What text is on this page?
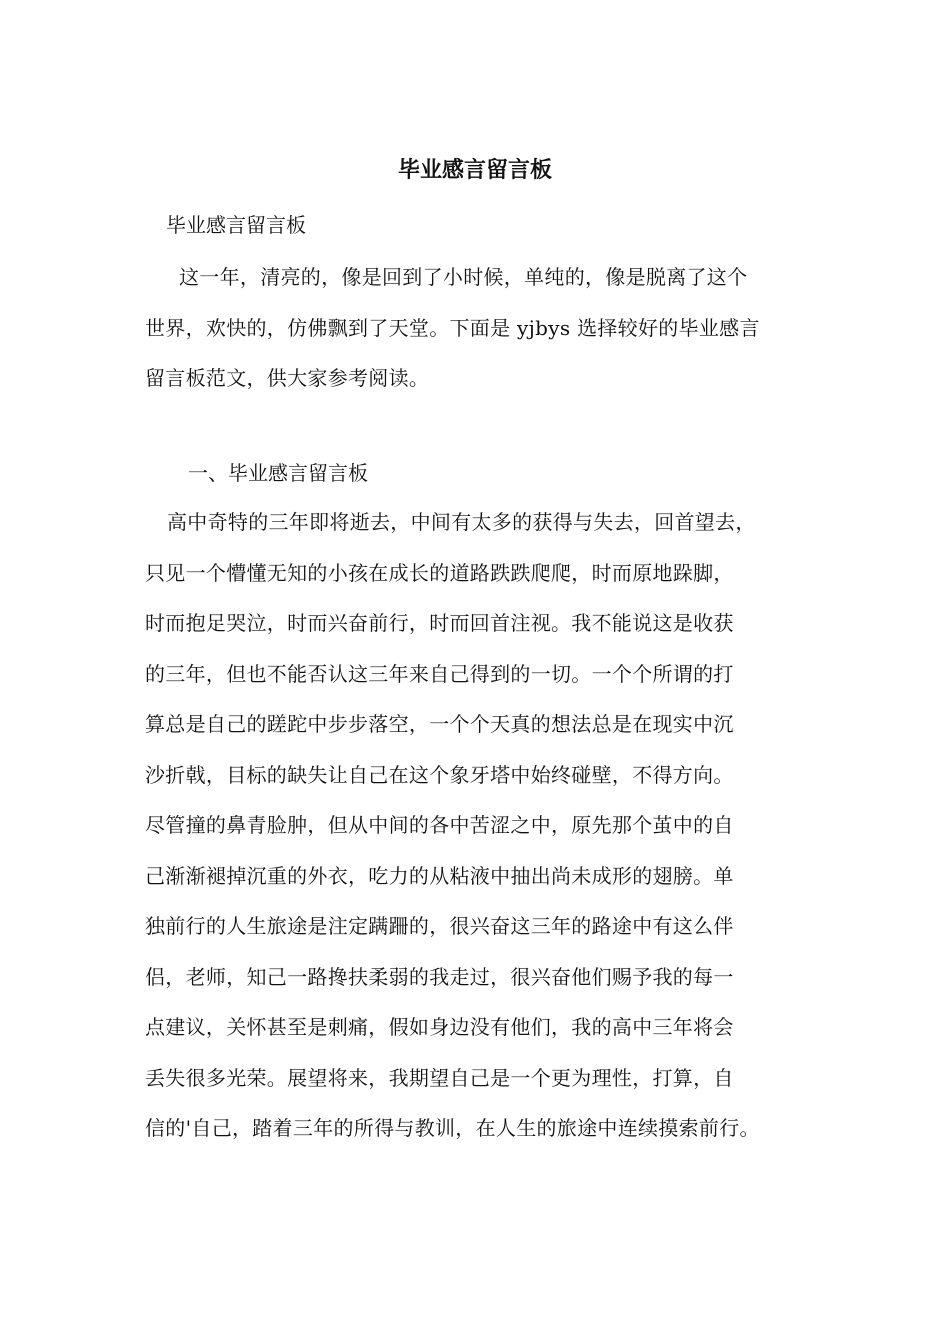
毕业感言留言板

毕业感言留言板

这一年，清亮的，像是回到了小时候，单纯的，像是脱离了这个
世界，欢快的，仿佛飘到了天堂。下面是 yjbys 选择较好的毕业感言
留言板范文，供大家参考阅读。

一、毕业感言留言板

高中奇特的三年即将逝去，中间有太多的获得与失去，回首望去，
只见一个懵懂无知的小孩在成长的道路跌跌爬爬，时而原地跺脚，
时而抱足哭泣，时而兴奋前行，时而回首注视。我不能说这是收获
的三年，但也不能否认这三年来自己得到的一切。一个个所谓的打
算总是自己的蹉跎中步步落空，一个个天真的想法总是在现实中沉
沙折戟，目标的缺失让自己在这个象牙塔中始终碰壁，不得方向。
尽管撞的鼻青脸肿，但从中间的各中苦涩之中，原先那个茧中的自
己渐渐褪掉沉重的外衣，吃力的从粘液中抽出尚未成形的翅膀。单
独前行的人生旅途是注定蹒跚的，很兴奋这三年的路途中有这么伴
侣，老师，知己一路搀扶柔弱的我走过，很兴奋他们赐予我的每一
点建议，关怀甚至是刺痛，假如身边没有他们，我的高中三年将会
丢失很多光荣。展望将来，我期望自己是一个更为理性，打算，自
信的'自己，踏着三年的所得与教训，在人生的旅途中连续摸索前行。
